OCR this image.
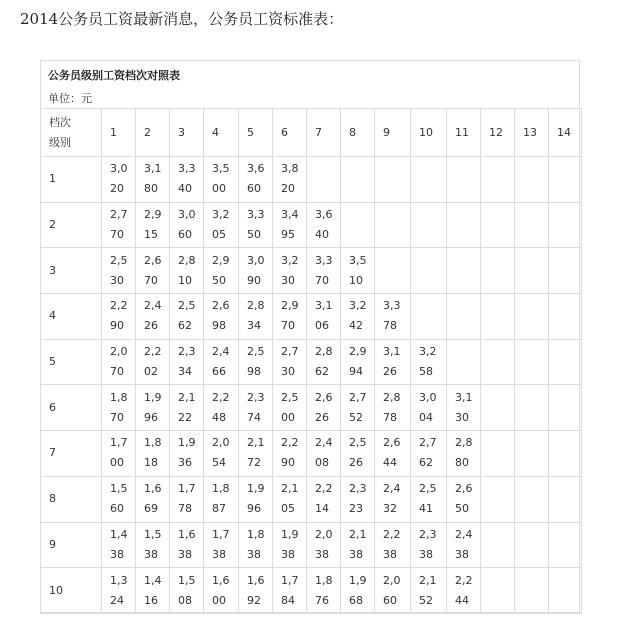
2014公务员工资最新消息，公务员工资标准表：
公务员级别工资档次对照表
单位：元
档次
级别	1	2	3	4	5	6	7	8	9	10	11	12	13	14
1	3,020	3,180	3,340	3,500	3,660	3,820								

2	2,770	2,915	3,060	3,205	3,350	3,495	3,640							

3	2,530	2,670	2,810	2,950	3,090	3,230	3,370	3,510						

4	2,290	2,426	2,562	2,698	2,834	2,970	3,106	3,242	3,378					

5	2,070	2,202	2,334	2,466	2,598	2,730	2,862	2,994	3,126	3,258				

6	1,870	1,996	2,122	2,248	2,374	2,500	2,626	2,752	2,878	3,004	3,130			

7	1,700	1,818	1,936	2,054	2,172	2,290	2,408	2,526	2,644	2,762	2,880			

8	1,560	1,669	1,778	1,887	1,996	2,105	2,214	2,323	2,432	2,541	2,650			

9	1,438	1,538	1,638	1,738	1,838	1,938	2,038	2,138	2,238	2,338	2,438			

10	1,324	1,416	1,508	1,600	1,692	1,784	1,876	1,968	2,060	2,152	2,244			
